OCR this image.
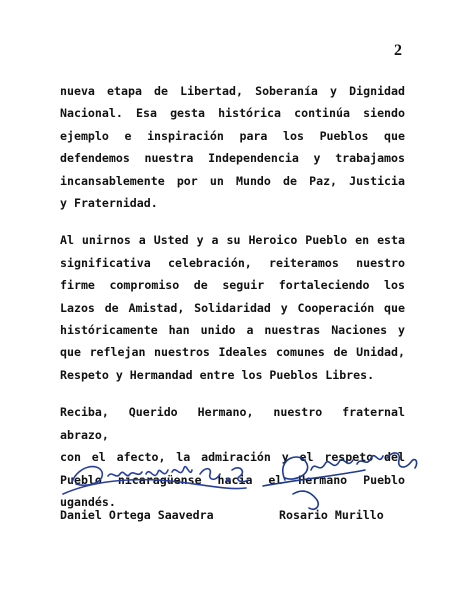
2

nueva etapa de Libertad, Soberanía y Dignidad
Nacional. Esa gesta histórica continúa siendo
ejemplo e inspiración para los Pueblos que
defendemos nuestra Independencia y trabajamos
incansablemente por un Mundo de Paz, Justicia
y Fraternidad.

Al unirnos a Usted y a su Heroico Pueblo en esta
significativa celebración, reiteramos nuestro
firme compromiso de seguir fortaleciendo los
Lazos de Amistad, Solidaridad y Cooperación que
históricamente han unido a nuestras Naciones y
que reflejan nuestros Ideales comunes de Unidad,
Respeto y Hermandad entre los Pueblos Libres.

Reciba, Querido Hermano, nuestro fraternal abrazo,
con el afecto, la admiración y el respeto del
Pueblo nicaragüense hacia el Hermano Pueblo
ugandés.

Daniel Ortega Saavedra	Rosario Murillo
